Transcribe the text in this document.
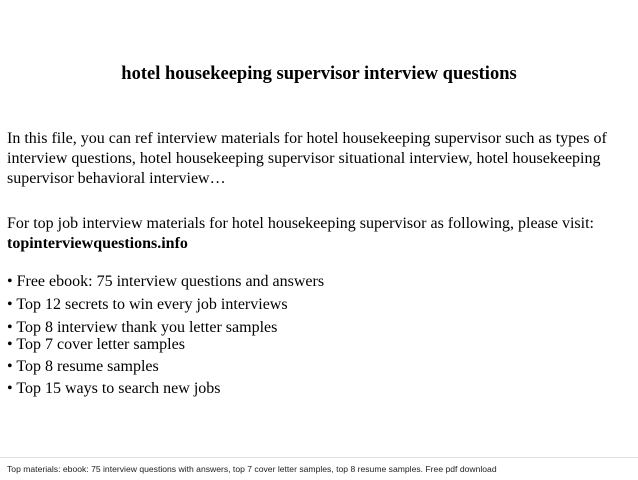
hotel housekeeping supervisor interview questions
In this file, you can ref interview materials for hotel housekeeping supervisor such as types of interview questions, hotel housekeeping supervisor situational interview, hotel housekeeping supervisor behavioral interview…
For top job interview materials for hotel housekeeping supervisor as following, please visit: topinterviewquestions.info
• Free ebook: 75 interview questions and answers
• Top 12 secrets to win every job interviews
• Top 8 interview thank you letter samples
• Top 7 cover letter samples
• Top 8 resume samples
• Top 15 ways to search new jobs
Top materials: ebook: 75 interview questions with answers, top 7 cover letter samples, top 8 resume samples. Free pdf download
